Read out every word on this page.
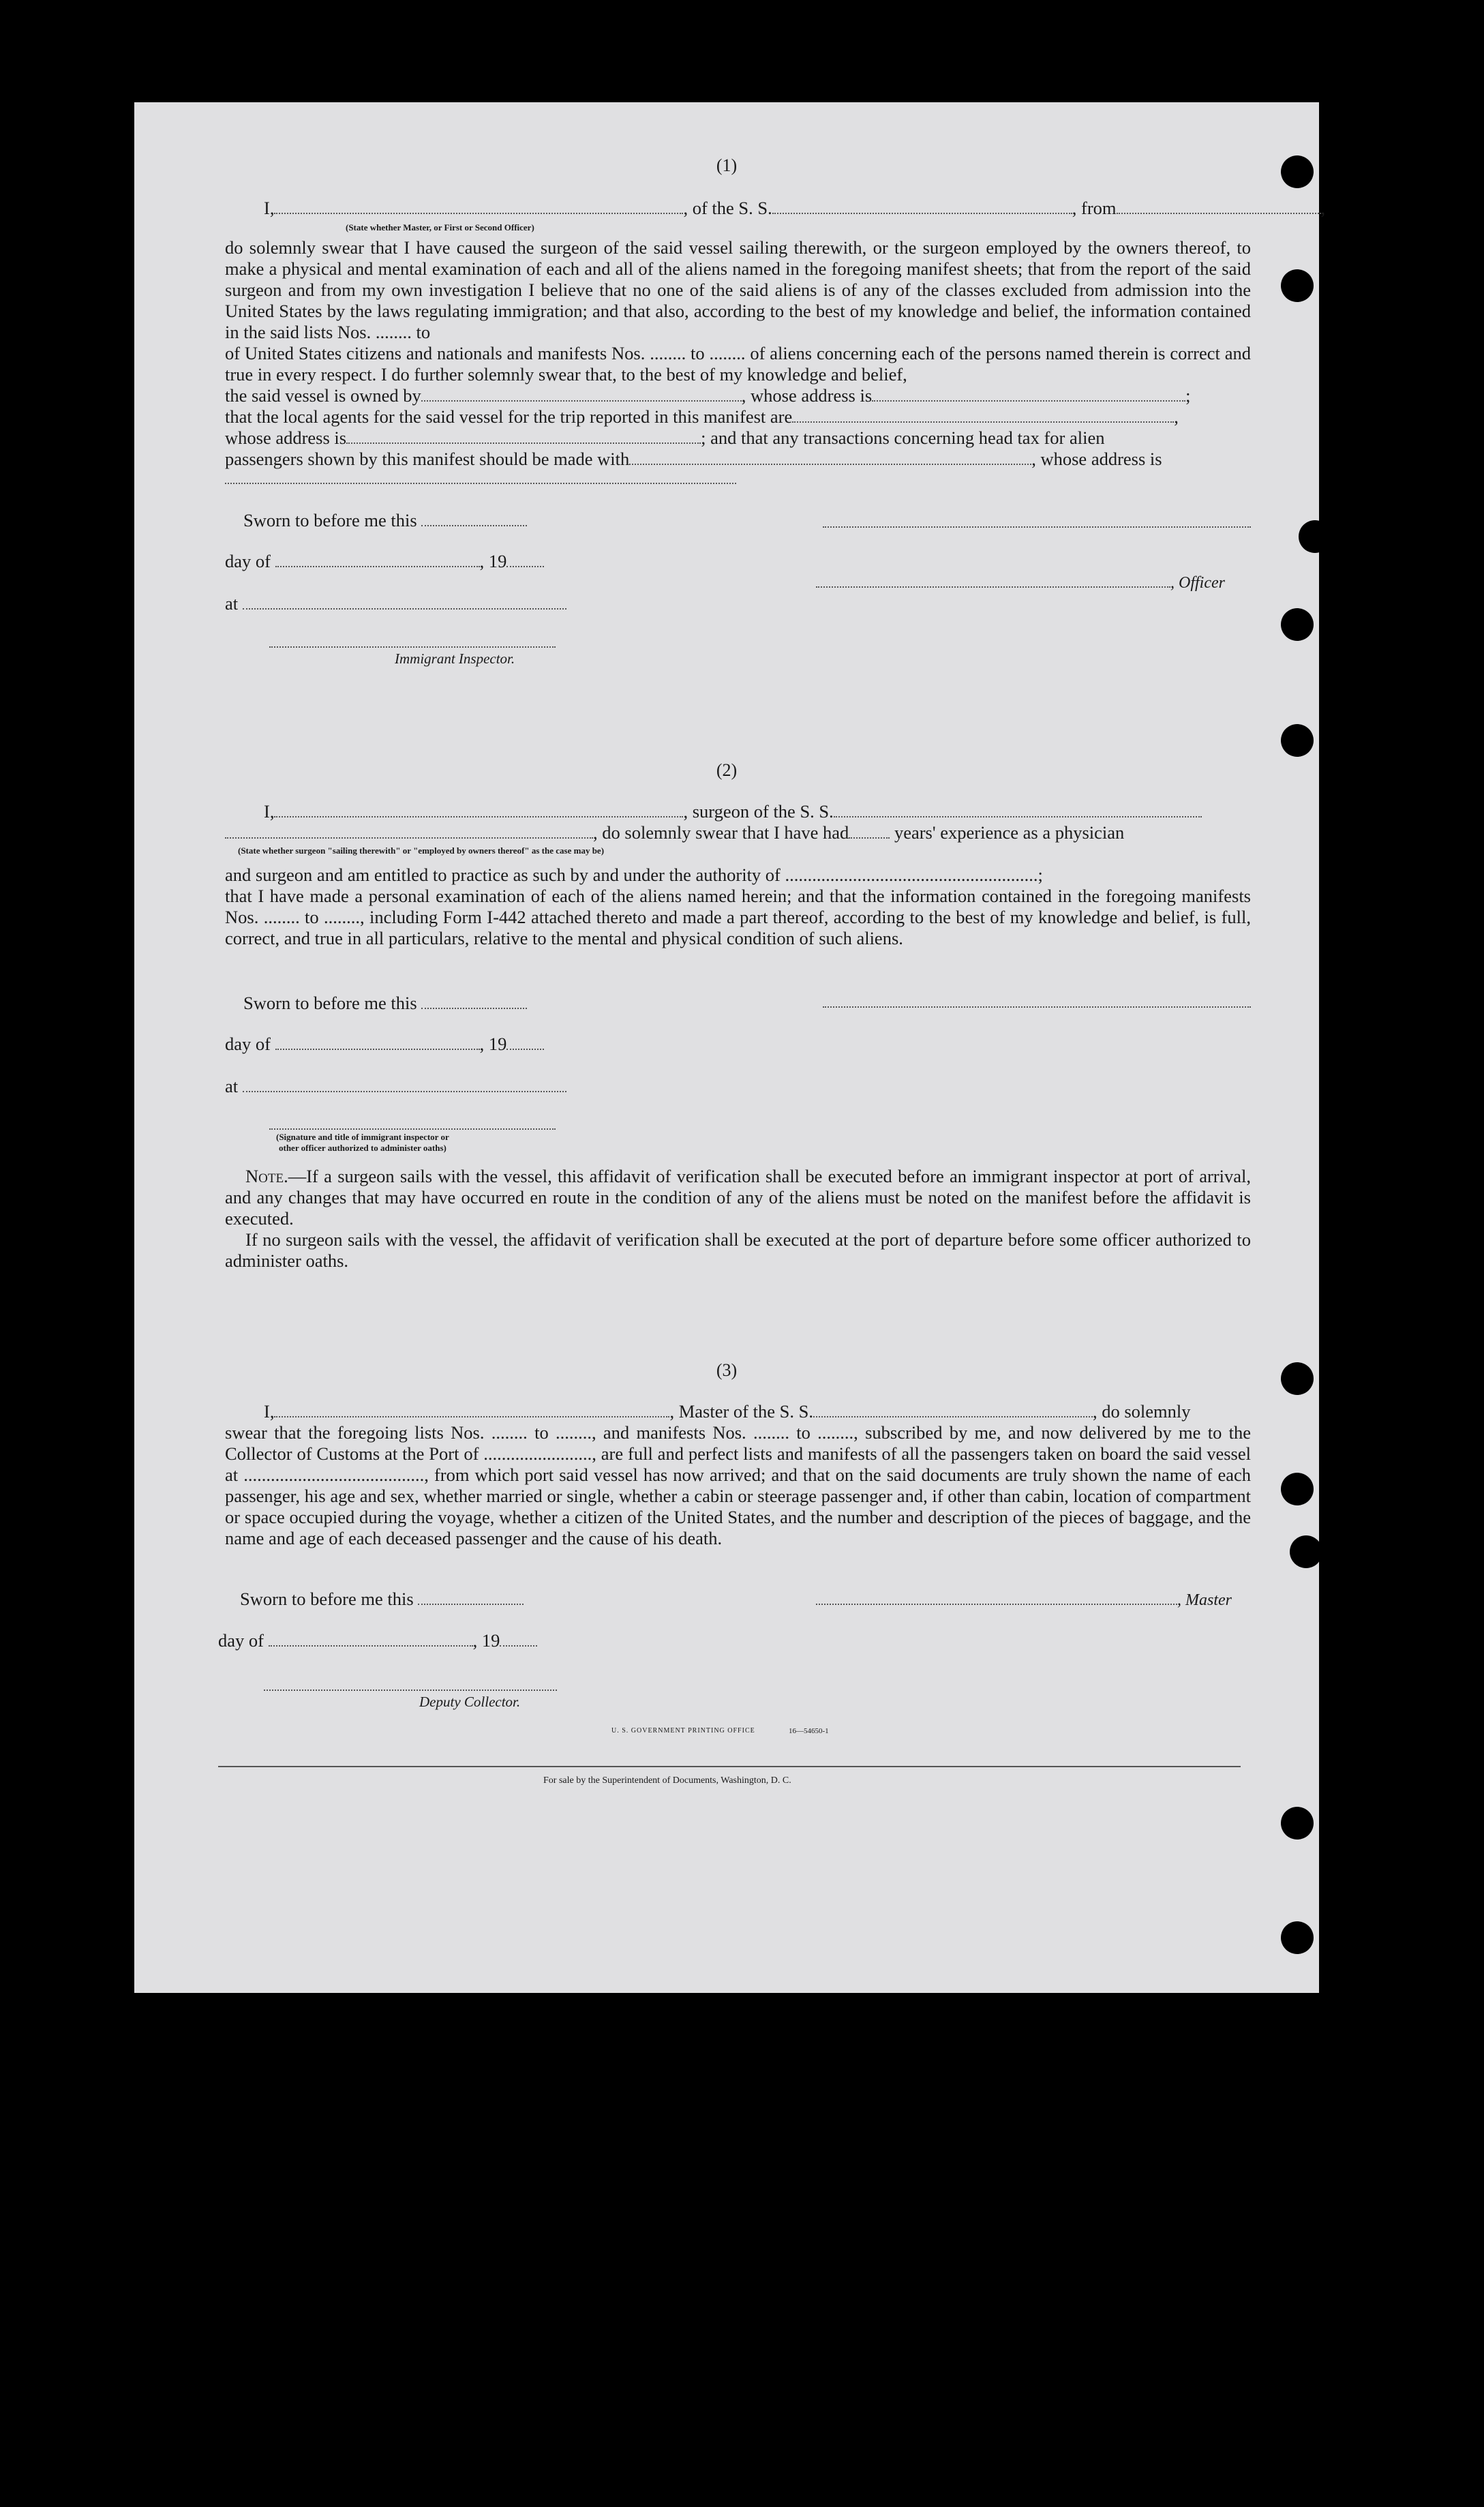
(1)
I,	, of the S. S.	, from	,
(State whether Master, or First or Second Officer)
do solemnly swear that I have caused the surgeon of the said vessel sailing therewith, or the surgeon employed by the owners thereof, to make a physical and mental examination of each and all of the aliens named in the foregoing manifest sheets; that from the report of the said surgeon and from my own investigation I believe that no one of the said aliens is of any of the classes excluded from admission into the United States by the laws regulating immigration; and that also, according to the best of my knowledge and belief, the information contained in the said lists Nos. ........ to
of United States citizens and nationals and manifests Nos. ........ to ........ of aliens concerning each of the persons named therein is correct and true in every respect. I do further solemnly swear that, to the best of my knowledge and belief,
the said vessel is owned by	, whose address is	;
that the local agents for the said vessel for the trip reported in this manifest are	,
whose address is	; and that any transactions concerning head tax for alien
passengers shown by this manifest should be made with	, whose address is
Sworn to before me this
day of	, 19
, Officer
at
Immigrant Inspector.
(2)
I,	, surgeon of the S. S.
, do solemnly swear that I have had	years' experience as a physician
(State whether surgeon "sailing therewith" or "employed by owners thereof" as the case may be)
and surgeon and am entitled to practice as such by and under the authority of ........................................................;
that I have made a personal examination of each of the aliens named herein; and that the information contained in the foregoing manifests Nos. ........ to ........, including Form I-442 attached thereto and made a part thereof, according to the best of my knowledge and belief, is full, correct, and true in all particulars, relative to the mental and physical condition of such aliens.
Sworn to before me this
day of	, 19
at
(Signature and title of immigrant inspector or
other officer authorized to administer oaths)
Note.—If a surgeon sails with the vessel, this affidavit of verification shall be executed before an immigrant inspector at port of arrival, and any changes that may have occurred en route in the condition of any of the aliens must be noted on the manifest before the affidavit is executed.
If no surgeon sails with the vessel, the affidavit of verification shall be executed at the port of departure before some officer authorized to administer oaths.
(3)
I,	, Master of the S. S.	, do solemnly
swear that the foregoing lists Nos. ........ to ........, and manifests Nos. ........ to ........, subscribed by me, and now delivered by me to the Collector of Customs at the Port of ........................, are full and perfect lists and manifests of all the passengers taken on board the said vessel at ........................................, from which port said vessel has now arrived; and that on the said documents are truly shown the name of each passenger, his age and sex, whether married or single, whether a cabin or steerage passenger and, if other than cabin, location of compartment or space occupied during the voyage, whether a citizen of the United States, and the number and description of the pieces of baggage, and the name and age of each deceased passenger and the cause of his death.
Sworn to before me this	, Master
day of	, 19
Deputy Collector.
U. S. GOVERNMENT PRINTING OFFICE	16—54650-1
For sale by the Superintendent of Documents, Washington, D. C.
